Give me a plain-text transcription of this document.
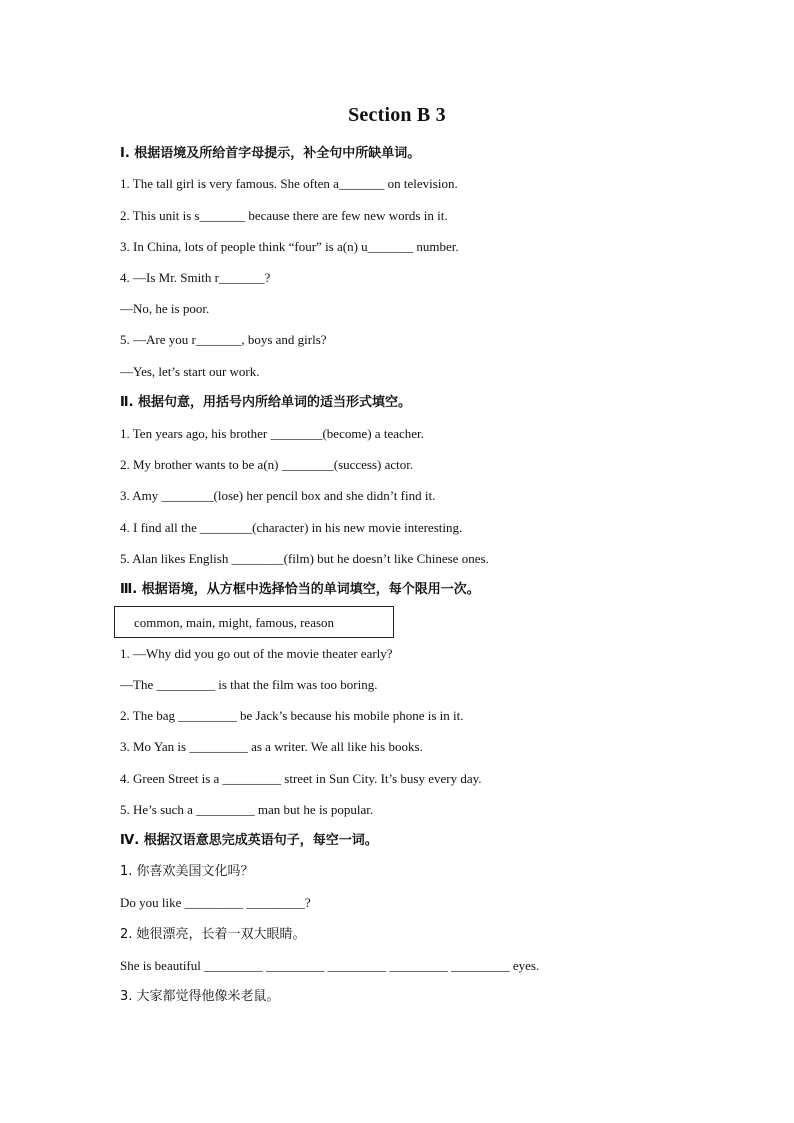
Section B 3
Ⅰ. 根据语境及所给首字母提示，补全句中所缺单词。
1. The tall girl is very famous. She often a_______ on television.
2. This unit is s_______ because there are few new words in it.
3. In China, lots of people think “four” is a(n) u_______ number.
4. —Is Mr. Smith r_______?
—No, he is poor.
5. —Are you r_______, boys and girls?
—Yes, let’s start our work.
Ⅱ. 根据句意，用括号内所给单词的适当形式填空。
1. Ten years ago, his brother ________(become) a teacher.
2. My brother wants to be a(n) ________(success) actor.
3. Amy ________(lose) her pencil box and she didn’t find it.
4. I find all the ________(character) in his new movie interesting.
5. Alan likes English ________(film) but he doesn’t like Chinese ones.
Ⅲ. 根据语境，从方框中选择恰当的单词填空，每个限用一次。
common, main, might, famous, reason
1. —Why did you go out of the movie theater early?
—The _________ is that the film was too boring.
2. The bag _________ be Jack’s because his mobile phone is in it.
3. Mo Yan is _________ as a writer. We all like his books.
4. Green Street is a _________ street in Sun City. It’s busy every day.
5. He’s such a _________ man but he is popular.
Ⅳ. 根据汉语意思完成英语句子，每空一词。
1. 你喜欢美国文化吗？
Do you like _________ _________?
2. 她很漂亮，长着一双大眼睛。
She is beautiful _________ _________ _________ _________ _________ eyes.
3. 大家都觉得他像米老鼠。
